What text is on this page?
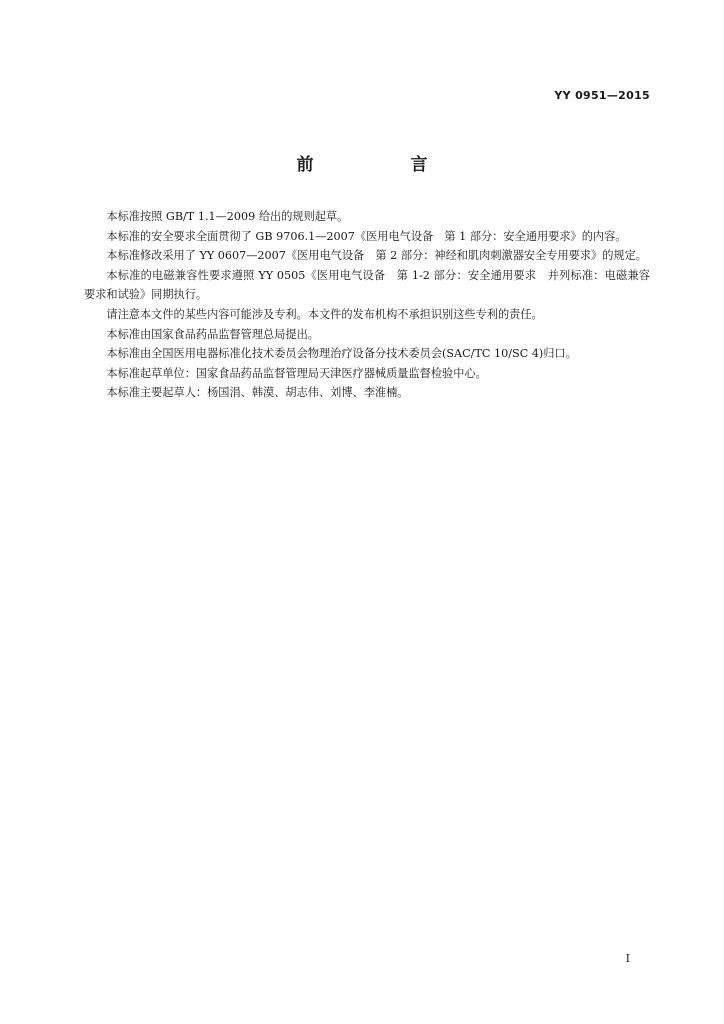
YY 0951—2015
前　言

本标准按照 GB/T 1.1—2009 给出的规则起草。

本标准的安全要求全面贯彻了 GB 9706.1—2007《医用电气设备　第 1 部分：安全通用要求》的内容。

本标准修改采用了 YY 0607—2007《医用电气设备　第 2 部分：神经和肌肉刺激器安全专用要求》的规定。

本标准的电磁兼容性要求遵照 YY 0505《医用电气设备　第 1-2 部分：安全通用要求　并列标准：电磁兼容　要求和试验》同期执行。

请注意本文件的某些内容可能涉及专利。本文件的发布机构不承担识别这些专利的责任。

本标准由国家食品药品监督管理总局提出。

本标准由全国医用电器标准化技术委员会物理治疗设备分技术委员会(SAC/TC 10/SC 4)归口。

本标准起草单位：国家食品药品监督管理局天津医疗器械质量监督检验中心。

本标准主要起草人：杨国涓、韩漠、胡志伟、刘博、李淮楠。

I
